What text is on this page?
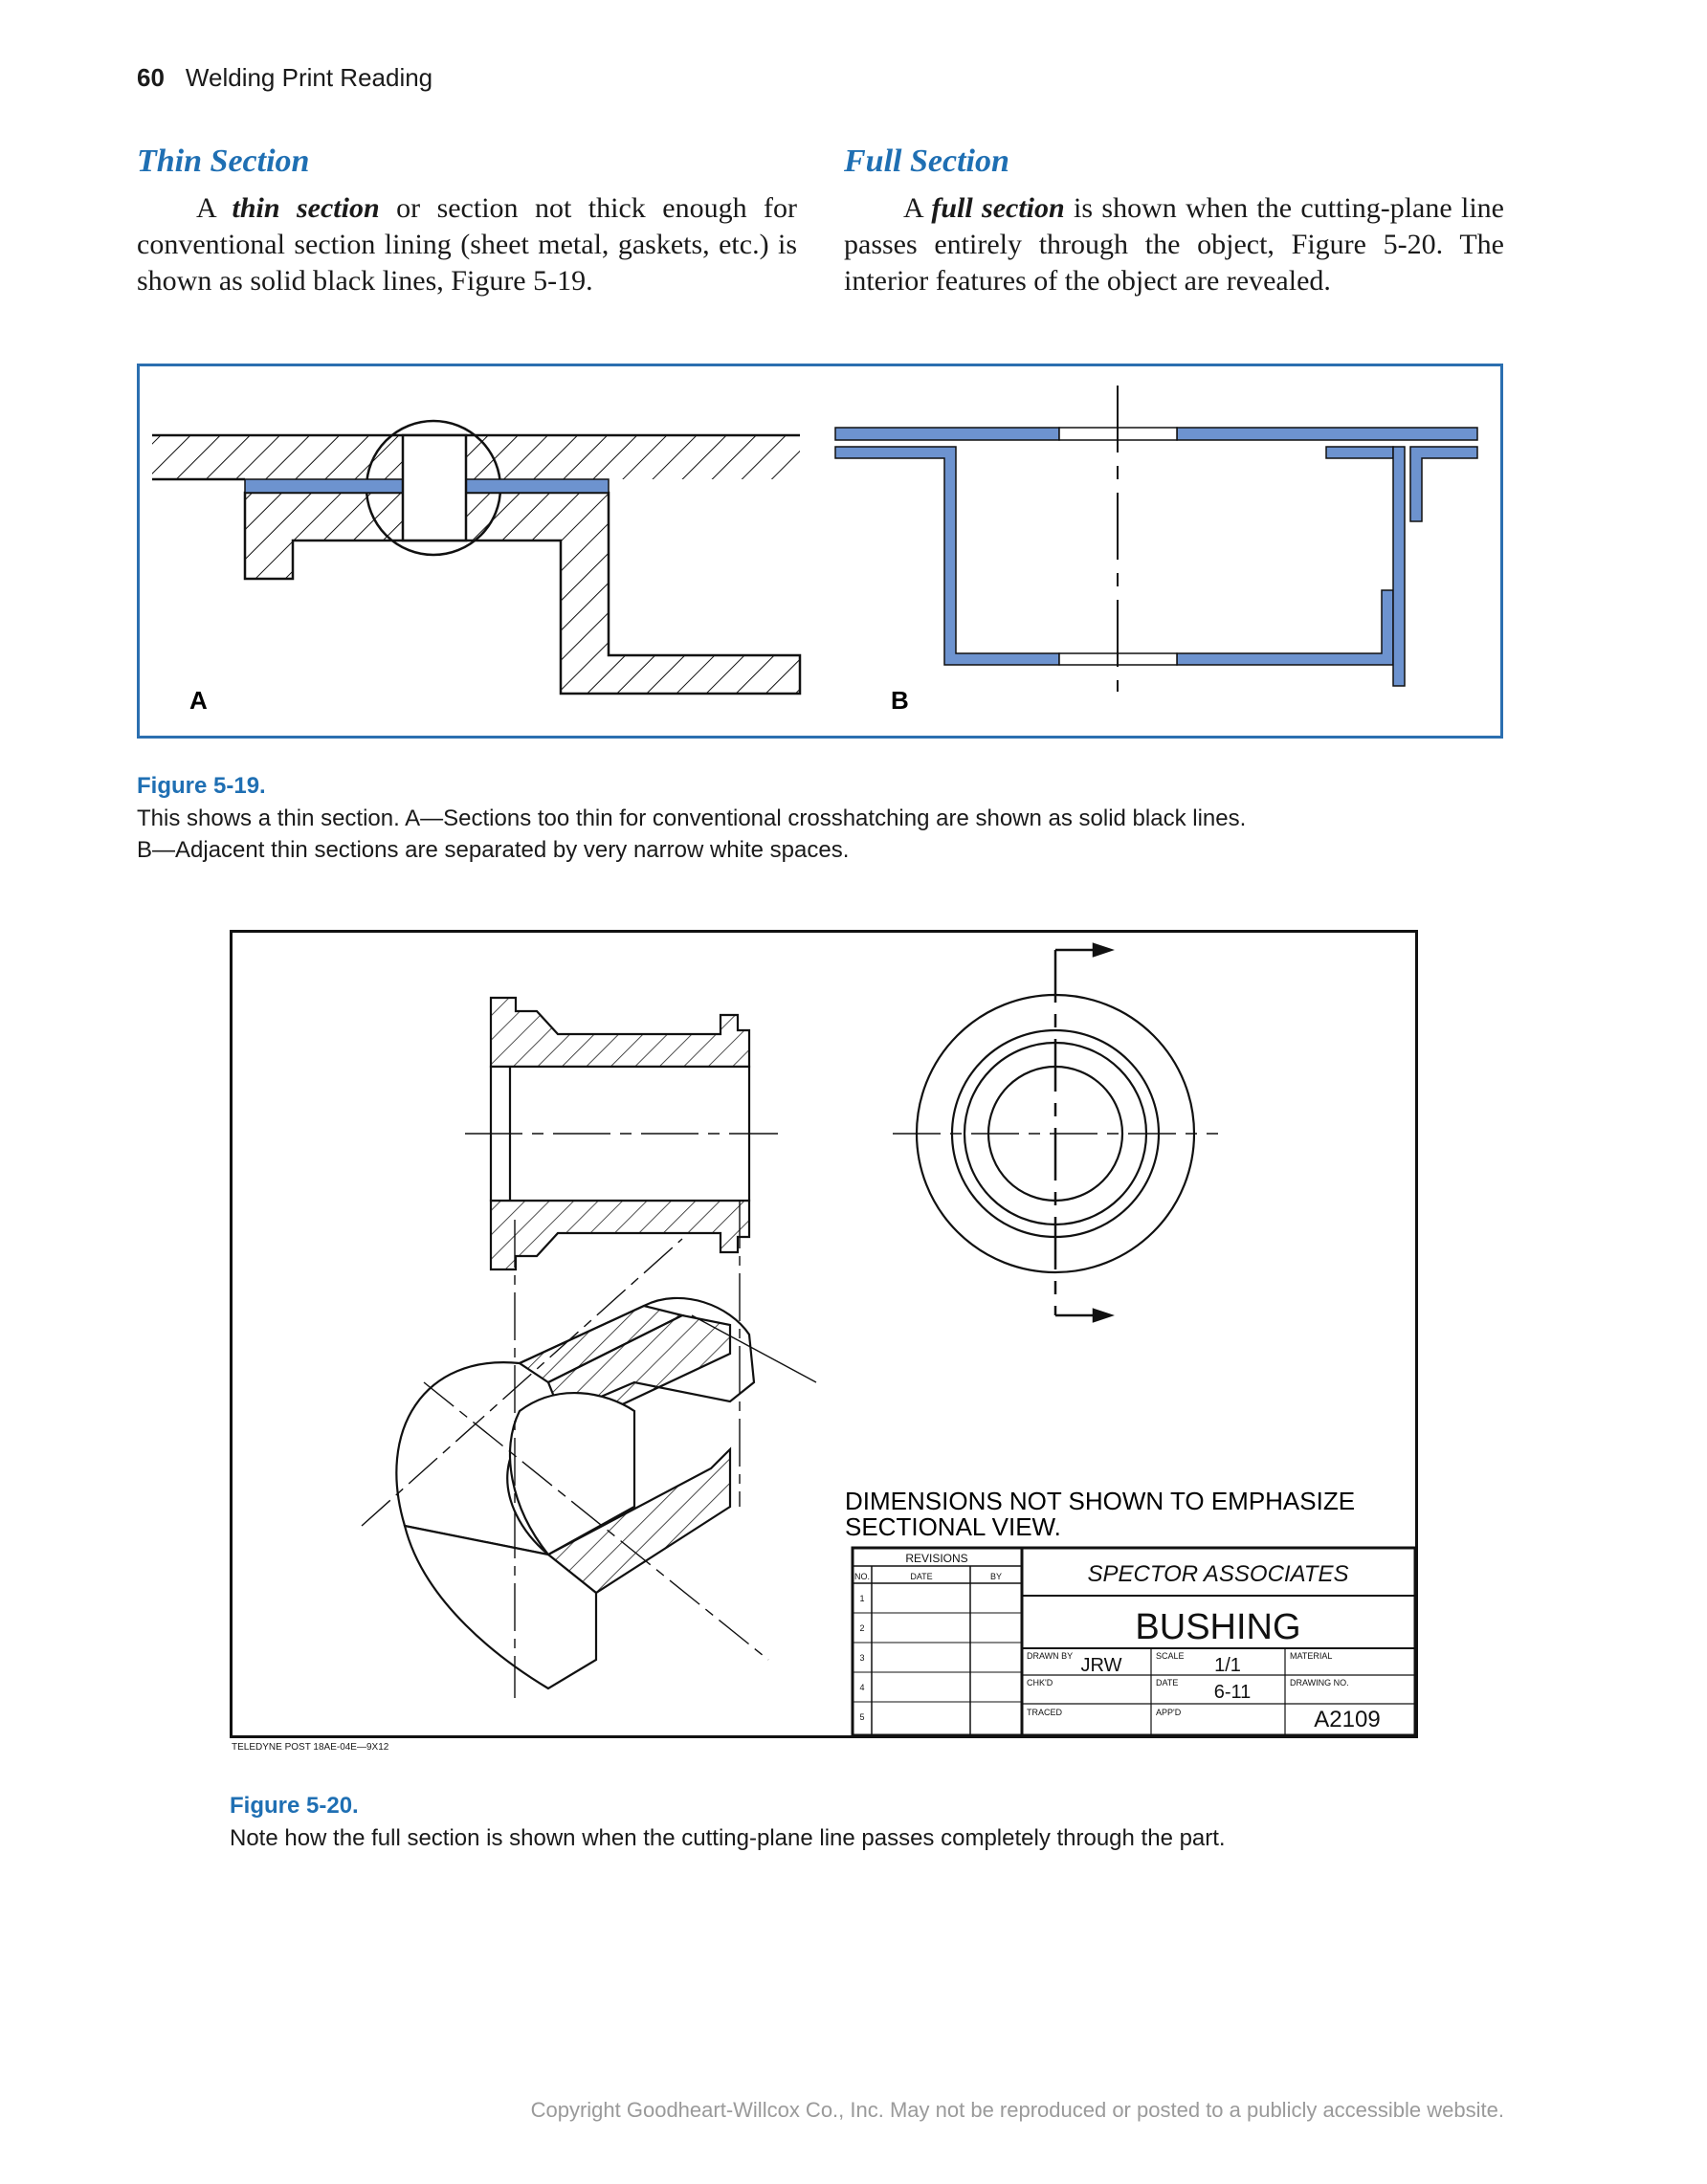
60 Welding Print Reading
Thin Section
A thin section or section not thick enough for conventional section lining (sheet metal, gaskets, etc.) is shown as solid black lines, Figure 5-19.
Full Section
A full section is shown when the cutting-plane line passes entirely through the object, Figure 5-20. The interior features of the object are revealed.
A	B
Figure 5-19.
This shows a thin section. A—Sections too thin for conventional crosshatching are shown as solid black lines.
B—Adjacent thin sections are separated by very narrow white spaces.
DIMENSIONS NOT SHOWN TO EMPHASIZE
SECTIONAL VIEW.
REVISIONS
NO.	DATE	BY
1
2
3
4
5
SPECTOR ASSOCIATES
BUSHING
DRAWN BY JRW	SCALE 1/1	MATERIAL
CHK'D	DATE 6-11	DRAWING NO.
TRACED	APP'D	A2109
TELEDYNE POST 18AE-04E—9X12
Figure 5-20.
Note how the full section is shown when the cutting-plane line passes completely through the part.
Copyright Goodheart-Willcox Co., Inc. May not be reproduced or posted to a publicly accessible website.
